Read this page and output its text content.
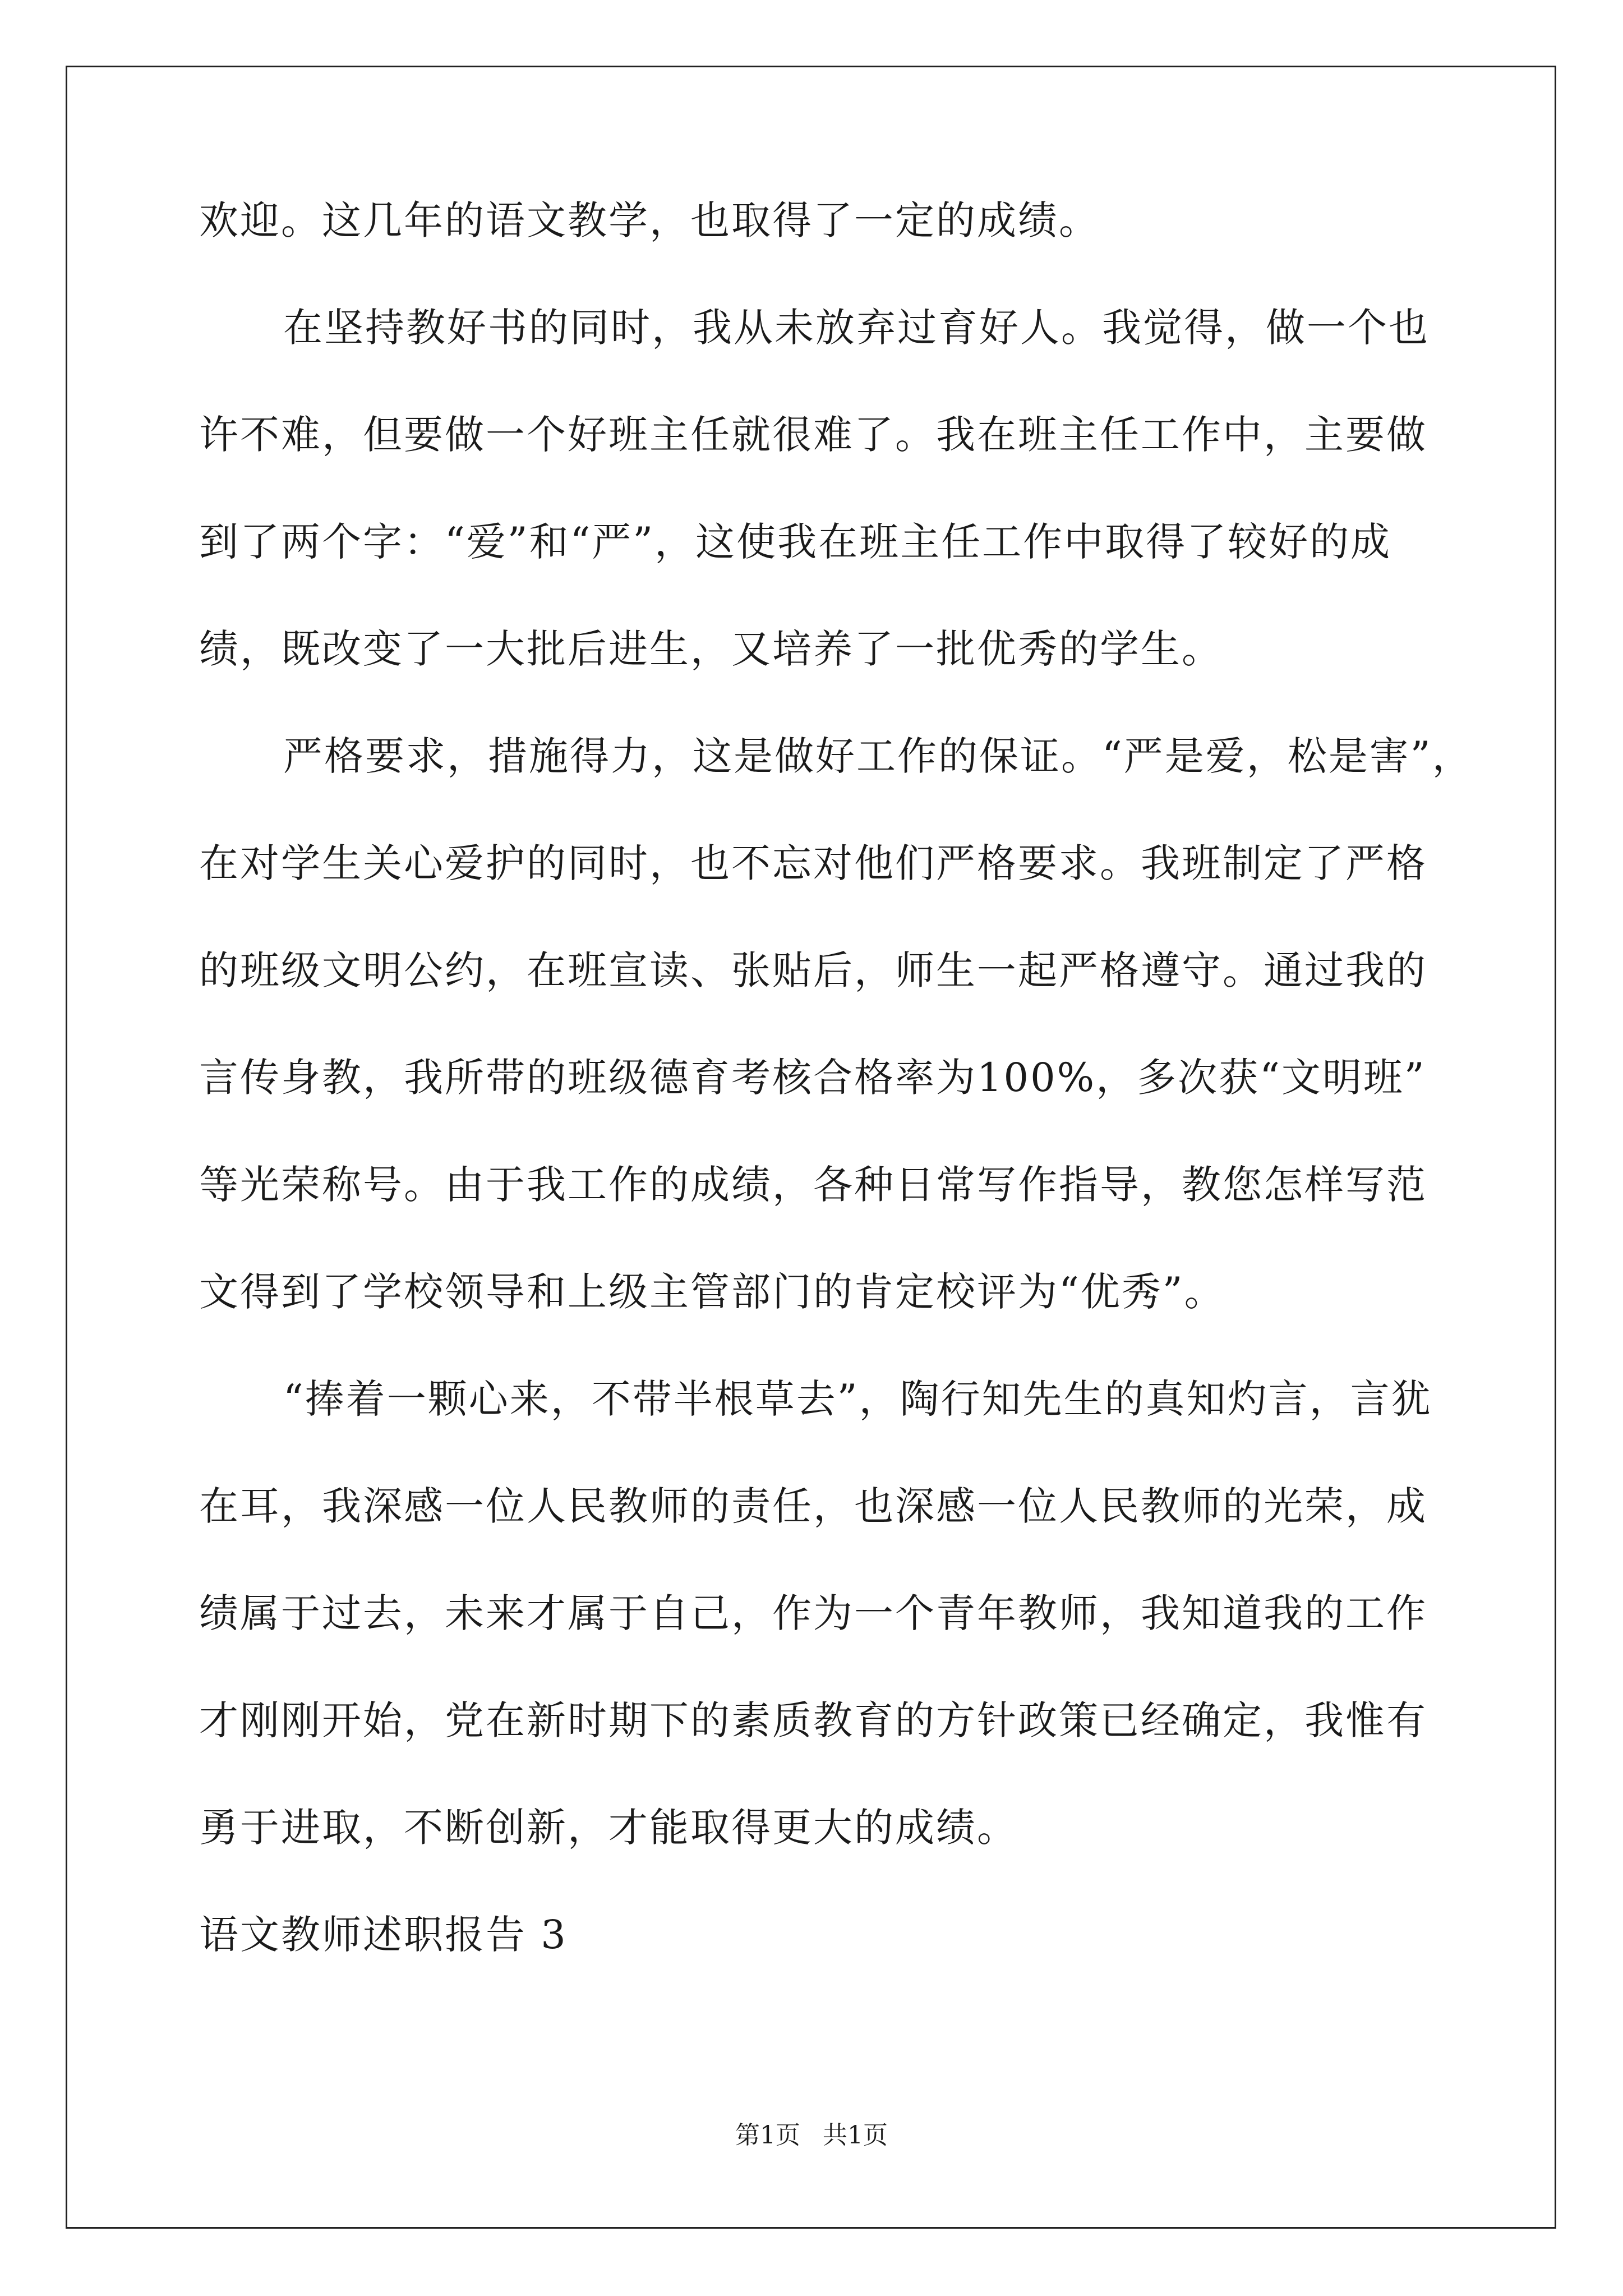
欢迎。这几年的语文教学，也取得了一定的成绩。
在坚持教好书的同时，我从未放弃过育好人。我觉得，做一个也
许不难，但要做一个好班主任就很难了。我在班主任工作中，主要做
到了两个字：“爱”和“严”，这使我在班主任工作中取得了较好的成
绩，既改变了一大批后进生，又培养了一批优秀的学生。
严格要求，措施得力，这是做好工作的保证。“严是爱，松是害”，
在对学生关心爱护的同时，也不忘对他们严格要求。我班制定了严格
的班级文明公约，在班宣读、张贴后，师生一起严格遵守。通过我的
言传身教，我所带的班级德育考核合格率为100%，多次获“文明班”
等光荣称号。由于我工作的成绩，各种日常写作指导，教您怎样写范
文得到了学校领导和上级主管部门的肯定校评为“优秀”。
“捧着一颗心来，不带半根草去”，陶行知先生的真知灼言，言犹
在耳，我深感一位人民教师的责任，也深感一位人民教师的光荣，成
绩属于过去，未来才属于自己，作为一个青年教师，我知道我的工作
才刚刚开始，党在新时期下的素质教育的方针政策已经确定，我惟有
勇于进取，不断创新，才能取得更大的成绩。
语文教师述职报告 3
第1页 共1页
